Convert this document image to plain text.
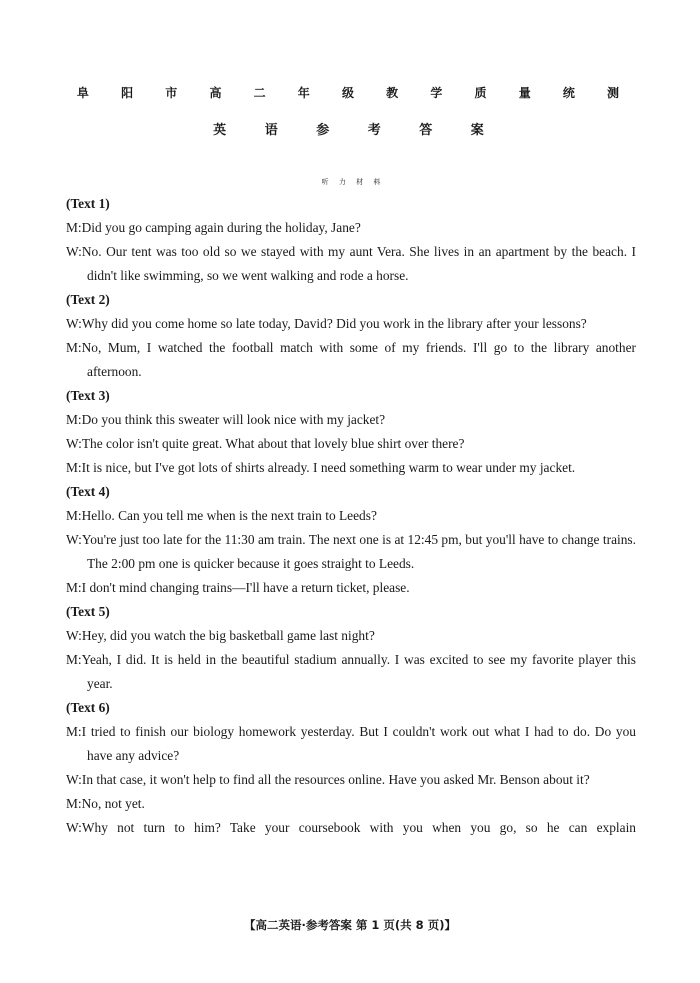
阜 阳 市 高 二 年 级 教 学 质 量 统 测
英 语 参 考 答 案
听 力 材 料
(Text 1)
M:Did you go camping again during the holiday, Jane?
W:No. Our tent was too old so we stayed with my aunt Vera. She lives in an apartment by the beach. I didn't like swimming, so we went walking and rode a horse.
(Text 2)
W:Why did you come home so late today, David? Did you work in the library after your lessons?
M:No, Mum, I watched the football match with some of my friends. I'll go to the library another afternoon.
(Text 3)
M:Do you think this sweater will look nice with my jacket?
W:The color isn't quite great. What about that lovely blue shirt over there?
M:It is nice, but I've got lots of shirts already. I need something warm to wear under my jacket.
(Text 4)
M:Hello. Can you tell me when is the next train to Leeds?
W:You're just too late for the 11:30 am train. The next one is at 12:45 pm, but you'll have to change trains. The 2:00 pm one is quicker because it goes straight to Leeds.
M:I don't mind changing trains—I'll have a return ticket, please.
(Text 5)
W:Hey, did you watch the big basketball game last night?
M:Yeah, I did. It is held in the beautiful stadium annually. I was excited to see my favorite player this year.
(Text 6)
M:I tried to finish our biology homework yesterday. But I couldn't work out what I had to do. Do you have any advice?
W:In that case, it won't help to find all the resources online. Have you asked Mr. Benson about it?
M:No, not yet.
W:Why not turn to him? Take your coursebook with you when you go, so he can explain
【高二英语·参考答案 第 1 页(共 8 页)】
